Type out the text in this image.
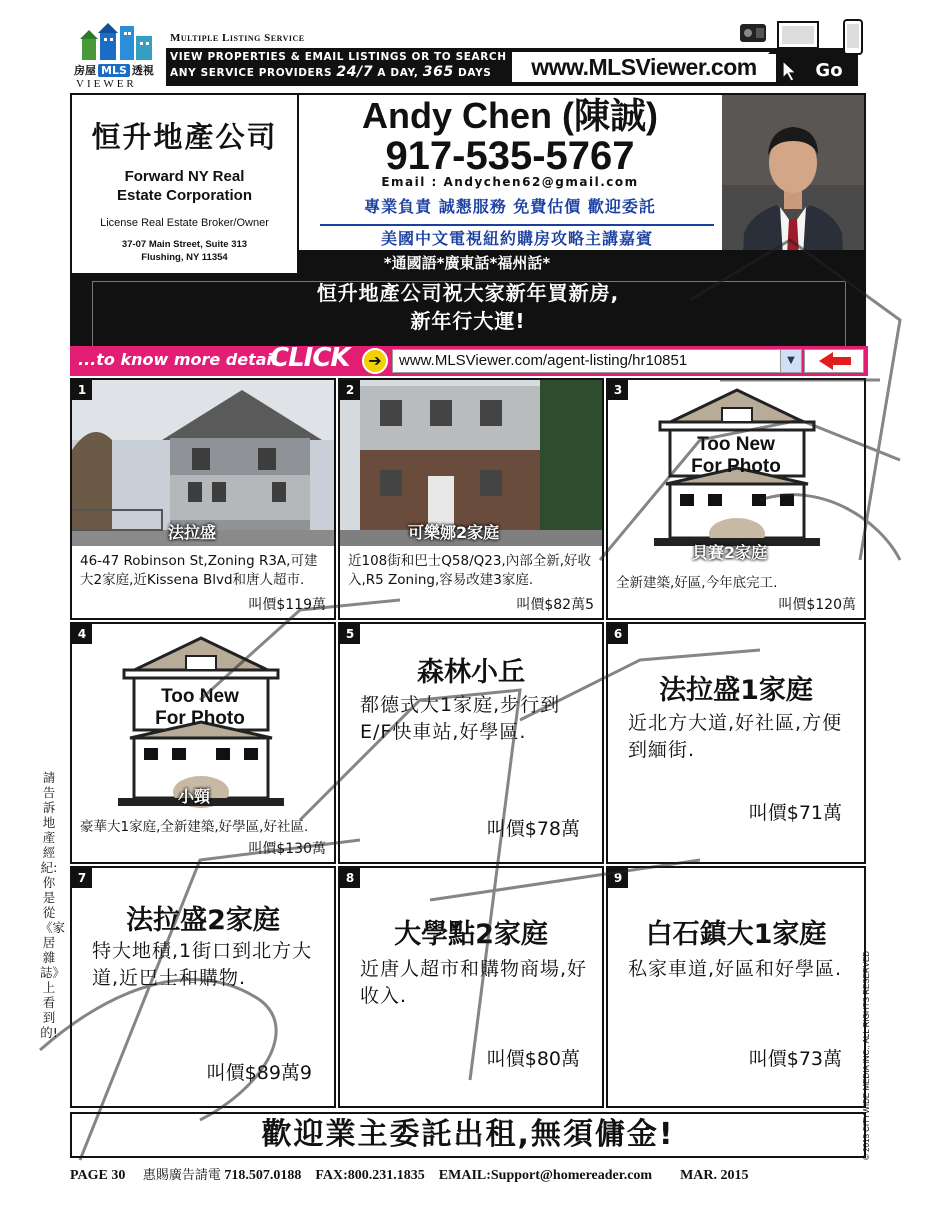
房屋 MLS 透視
VIEWER
Multiple Listing Service
VIEW PROPERTIES & EMAIL LISTINGS OR TO SEARCH
ANY SERVICE PROVIDERS 24/7 A DAY, 365 DAYS	www.MLSViewer.com	Go
恒升地產公司
Forward NY Real
Estate Corporation
License Real Estate Broker/Owner
37-07 Main Street, Suite 313
Flushing, NY 11354
Andy Chen (陳誠)
917-535-5767
Email : Andychen62@gmail.com
專業負責 誠懇服務 免費估價 歡迎委託
美國中文電視紐約購房攻略主講嘉賓
*通國語*廣東話*福州話*
恒升地產公司祝大家新年買新房,
新年行大運!
...to know more detail
CLICK	➔	www.MLSViewer.com/agent-listing/hr10851	▼
1
法拉盛
46-47 Robinson St,Zoning R3A,可建大2家庭,近Kissena Blvd和唐人超市.
叫價$119萬
2
可樂娜2家庭
近108街和巴士Q58/Q23,內部全新,好收入,R5 Zoning,容易改建3家庭.
叫價$82萬5
Too New
For Photo
3
貝賽2家庭
全新建築,好區,今年底完工.
叫價$120萬
Too New
For Photo
4
小頸
豪華大1家庭,全新建築,好學區,好社區.
叫價$130萬
5
森林小丘
都德式大1家庭,步行到E/F快車站,好學區.
叫價$78萬
6
法拉盛1家庭
近北方大道,好社區,方便到緬街.
叫價$71萬
7
法拉盛2家庭
特大地積,1街口到北方大道,近巴士和購物.
叫價$89萬9
8
大學點2家庭
近唐人超市和購物商場,好收入.
叫價$80萬
9
白石鎮大1家庭
私家車道,好區和好學區.
叫價$73萬
歡迎業主委託出租,無須傭金!
PAGE 30 惠賜廣告請電 718.507.0188 FAX:800.231.1835 EMAIL:Support@homereader.com MAR. 2015
請告訴地產經紀:你是從《家居雜誌》上看到的!	© 2015 CITYWIDE MEDIA INC., ALL RIGHTS RESERVED
